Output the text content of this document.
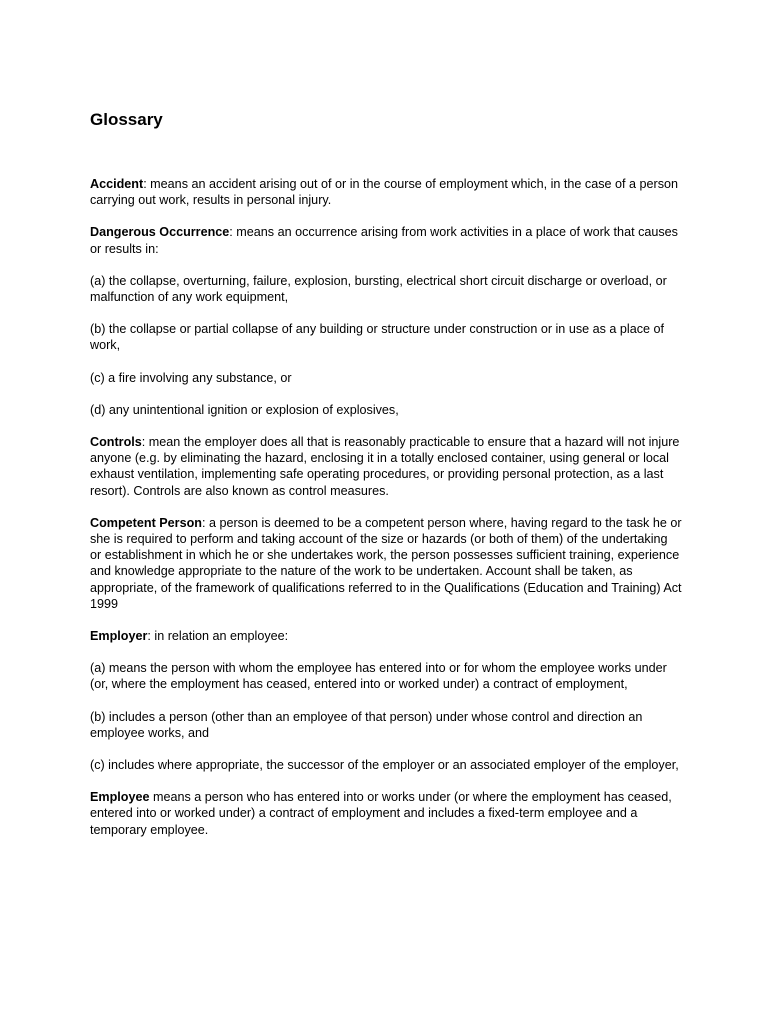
Glossary

Accident: means an accident arising out of or in the course of employment which, in the case of a person carrying out work, results in personal injury.

Dangerous Occurrence: means an occurrence arising from work activities in a place of work that causes or results in:

(a) the collapse, overturning, failure, explosion, bursting, electrical short circuit discharge or overload, or malfunction of any work equipment,

(b) the collapse or partial collapse of any building or structure under construction or in use as a place of work,

(c) a fire involving any substance, or

(d) any unintentional ignition or explosion of explosives,

Controls: mean the employer does all that is reasonably practicable to ensure that a hazard will not injure anyone (e.g. by eliminating the hazard, enclosing it in a totally enclosed container, using general or local exhaust ventilation, implementing safe operating procedures, or providing personal protection, as a last resort). Controls are also known as control measures.

Competent Person: a person is deemed to be a competent person where, having regard to the task he or she is required to perform and taking account of the size or hazards (or both of them) of the undertaking or establishment in which he or she undertakes work, the person possesses sufficient training, experience and knowledge appropriate to the nature of the work to be undertaken. Account shall be taken, as appropriate, of the framework of qualifications referred to in the Qualifications (Education and Training) Act 1999

Employer: in relation an employee:

(a) means the person with whom the employee has entered into or for whom the employee works under (or, where the employment has ceased, entered into or worked under) a contract of employment,

(b) includes a person (other than an employee of that person) under whose control and direction an employee works, and

(c) includes where appropriate, the successor of the employer or an associated employer of the employer,

Employee means a person who has entered into or works under (or where the employment has ceased, entered into or worked under) a contract of employment and includes a fixed-term employee and a temporary employee.
